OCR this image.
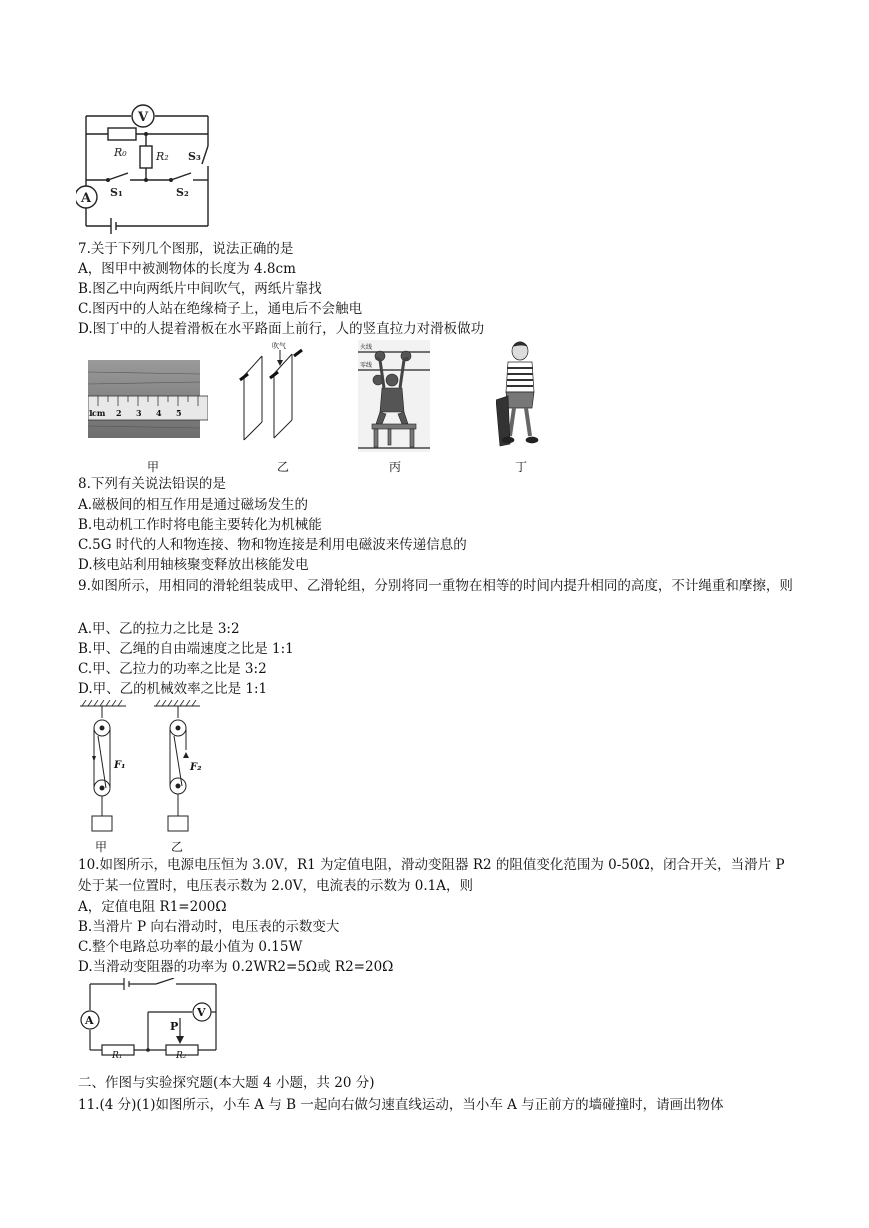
V
A
R₀	R₂ S₃
S₁	S₂
7.关于下列几个图那，说法正确的是
A，图甲中被测物体的长度为 4.8cm
B.图乙中向两纸片中间吹气，两纸片靠找
C.图丙中的人站在绝缘椅子上，通电后不会触电
D.图丁中的人提着滑板在水平路面上前行，人的竖直拉力对滑板做功
cm
1	2 3 4 5
吹气	火线
零线
甲	乙	丙	丁
8.下列有关说法铅误的是
A.磁极间的相互作用是通过磁场发生的
B.电动机工作时将电能主要转化为机械能
C.5G 时代的人和物连接、物和物连接是利用电磁波来传递信息的
D.核电站利用轴核聚变释放出核能发电
9.如图所示，用相同的滑轮组装成甲、乙滑轮组，分别将同一重物在相等的时间内提升相同的高度，不计绳重和摩擦，则
A.甲、乙的拉力之比是 3:2
B.甲、乙绳的自由端速度之比是 1:1
C.甲、乙拉力的功率之比是 3:2
D.甲、乙的机械效率之比是 1:1
F₁	F₂
甲	乙
10.如图所示，电源电压恒为 3.0V，R1 为定值电阻，滑动变阻器 R2 的阻值变化范围为 0-50Ω，闭合开关，当滑片 P 处于某一位置时，电压表示数为 2.0V，电流表的示数为 0.1A，则
A，定值电阻 R1=200Ω
B.当滑片 P 向右滑动时，电压表的示数变大
C.整个电路总功率的最小值为 0.15W
D.当滑动变阻器的功率为 0.2WR2=5Ω或 R2=20Ω
A
V
P
R₁	R₂
二、作图与实验探究题(本大题 4 小题，共 20 分)
11.(4 分)(1)如图所示，小车 A 与 B 一起向右做匀速直线运动，当小车 A 与正前方的墙碰撞时，请画出物体
